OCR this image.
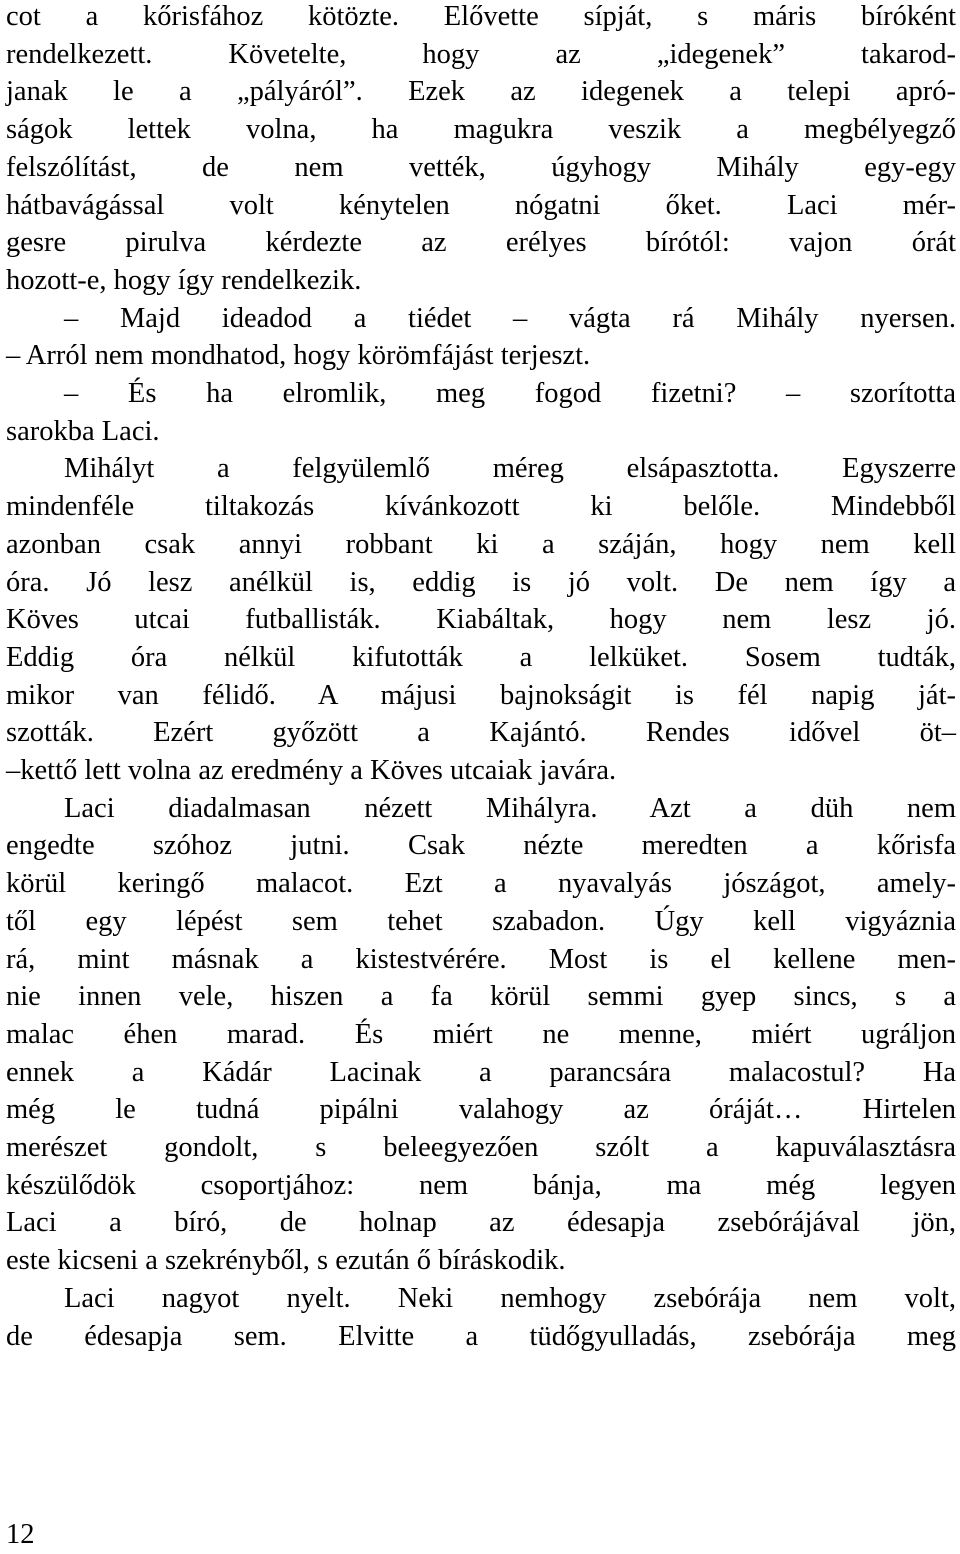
cot a kőrisfához kötözte. Elővette sípját, s máris bíróként
rendelkezett. Követelte, hogy az „idegenek” takarod-
janak le a „pályáról”. Ezek az idegenek a telepi apró-
ságok lettek volna, ha magukra veszik a megbélyegző
felszólítást, de nem vették, úgyhogy Mihály egy-egy
hátbavágással volt kénytelen nógatni őket. Laci mér-
gesre pirulva kérdezte az erélyes bírótól: vajon órát
hozott-e, hogy így rendelkezik.
– Majd ideadod a tiédet – vágta rá Mihály nyersen.
– Arról nem mondhatod, hogy körömfájást terjeszt.
– És ha elromlik, meg fogod fizetni? – szorította
sarokba Laci.
Mihályt a felgyülemlő méreg elsápasztotta. Egyszerre
mindenféle tiltakozás kívánkozott ki belőle. Mindebből
azonban csak annyi robbant ki a száján, hogy nem kell
óra. Jó lesz anélkül is, eddig is jó volt. De nem így a
Köves utcai futballisták. Kiabáltak, hogy nem lesz jó.
Eddig óra nélkül kifutották a lelküket. Sosem tudták,
mikor van félidő. A májusi bajnokságit is fél napig ját-
szották. Ezért győzött a Kajántó. Rendes idővel öt–
–kettő lett volna az eredmény a Köves utcaiak javára.
Laci diadalmasan nézett Mihályra. Azt a düh nem
engedte szóhoz jutni. Csak nézte meredten a kőrisfa
körül keringő malacot. Ezt a nyavalyás jószágot, amely-
től egy lépést sem tehet szabadon. Úgy kell vigyáznia
rá, mint másnak a kistestvérére. Most is el kellene men-
nie innen vele, hiszen a fa körül semmi gyep sincs, s a
malac éhen marad. És miért ne menne, miért ugráljon
ennek a Kádár Lacinak a parancsára malacostul? Ha
még le tudná pipálni valahogy az óráját… Hirtelen
merészet gondolt, s beleegyezően szólt a kapuválasztásra
készülődök csoportjához: nem bánja, ma még legyen
Laci a bíró, de holnap az édesapja zsebórájával jön,
este kicseni a szekrényből, s ezután ő bíráskodik.
Laci nagyot nyelt. Neki nemhogy zsebórája nem volt,
de édesapja sem. Elvitte a tüdőgyulladás, zsebórája meg
12
